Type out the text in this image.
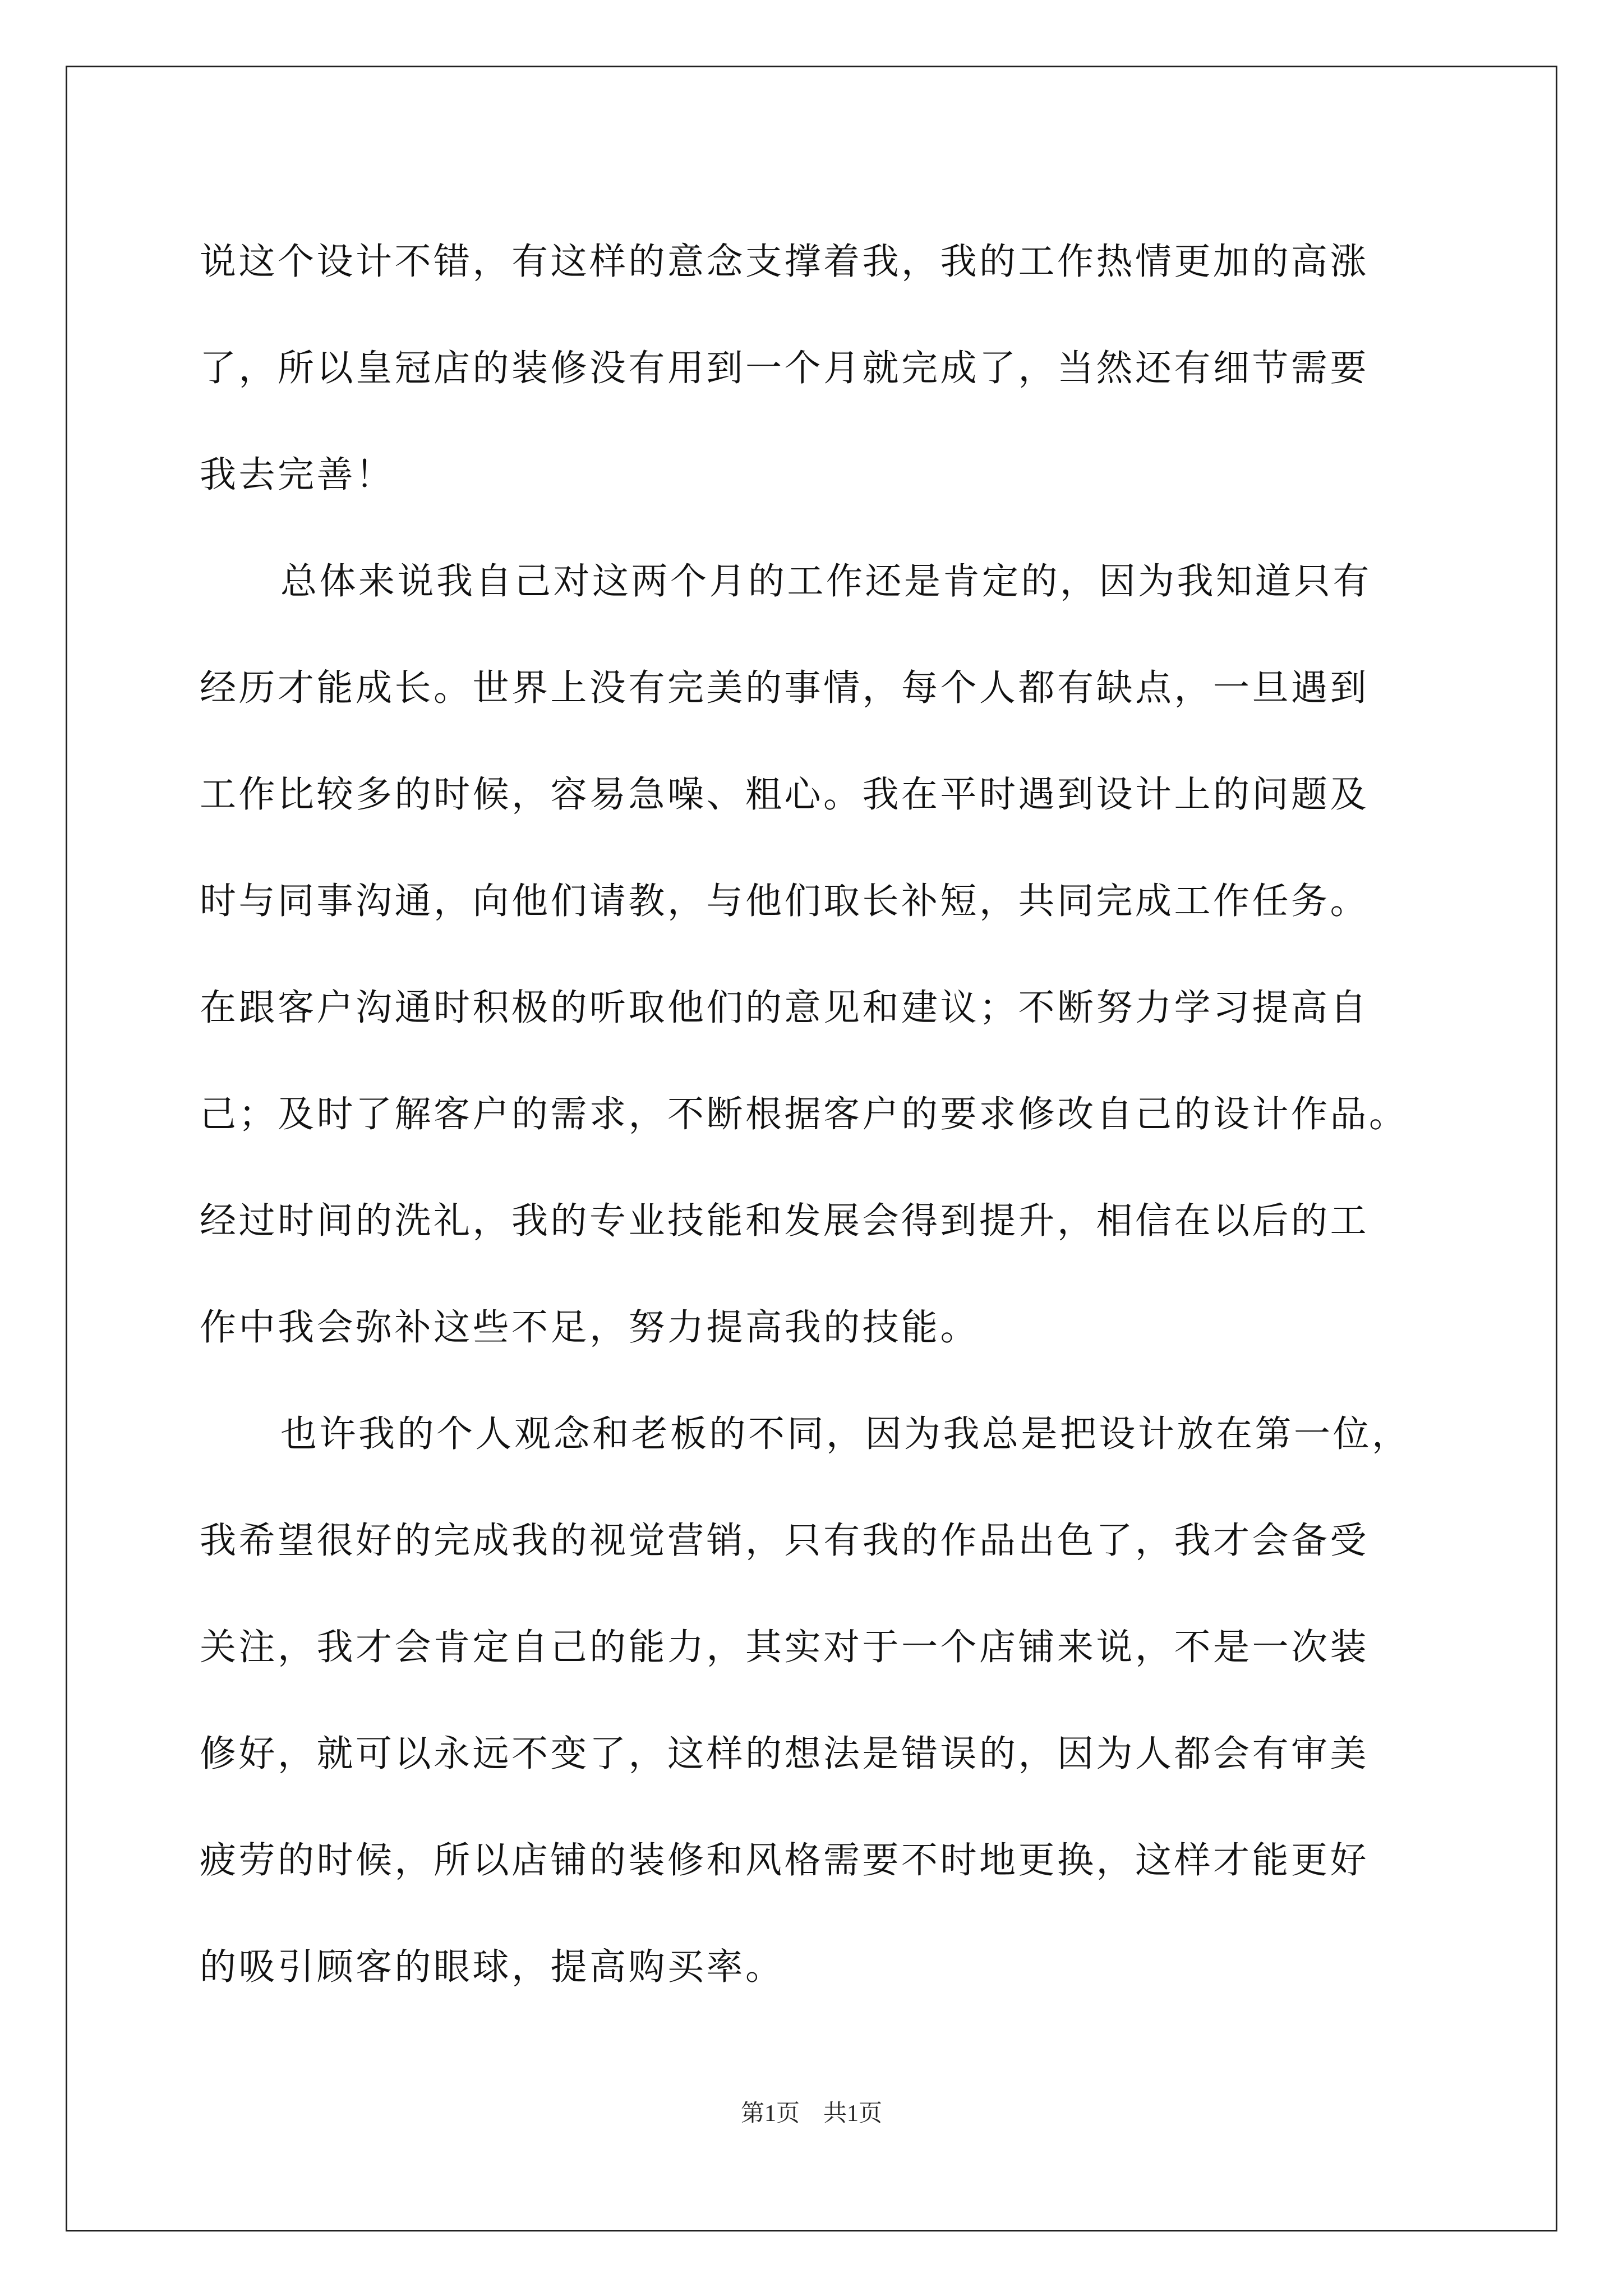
说这个设计不错，有这样的意念支撑着我，我的工作热情更加的高涨
了，所以皇冠店的装修没有用到一个月就完成了，当然还有细节需要
我去完善！
总体来说我自己对这两个月的工作还是肯定的，因为我知道只有
经历才能成长。世界上没有完美的事情，每个人都有缺点，一旦遇到
工作比较多的时候，容易急噪、粗心。我在平时遇到设计上的问题及
时与同事沟通，向他们请教，与他们取长补短，共同完成工作任务。
在跟客户沟通时积极的听取他们的意见和建议；不断努力学习提高自
己；及时了解客户的需求，不断根据客户的要求修改自己的设计作品。
经过时间的洗礼，我的专业技能和发展会得到提升，相信在以后的工
作中我会弥补这些不足，努力提高我的技能。
也许我的个人观念和老板的不同，因为我总是把设计放在第一位，
我希望很好的完成我的视觉营销，只有我的作品出色了，我才会备受
关注，我才会肯定自己的能力，其实对于一个店铺来说，不是一次装
修好，就可以永远不变了，这样的想法是错误的，因为人都会有审美
疲劳的时候，所以店铺的装修和风格需要不时地更换，这样才能更好
的吸引顾客的眼球，提高购买率。
第1页　共1页
